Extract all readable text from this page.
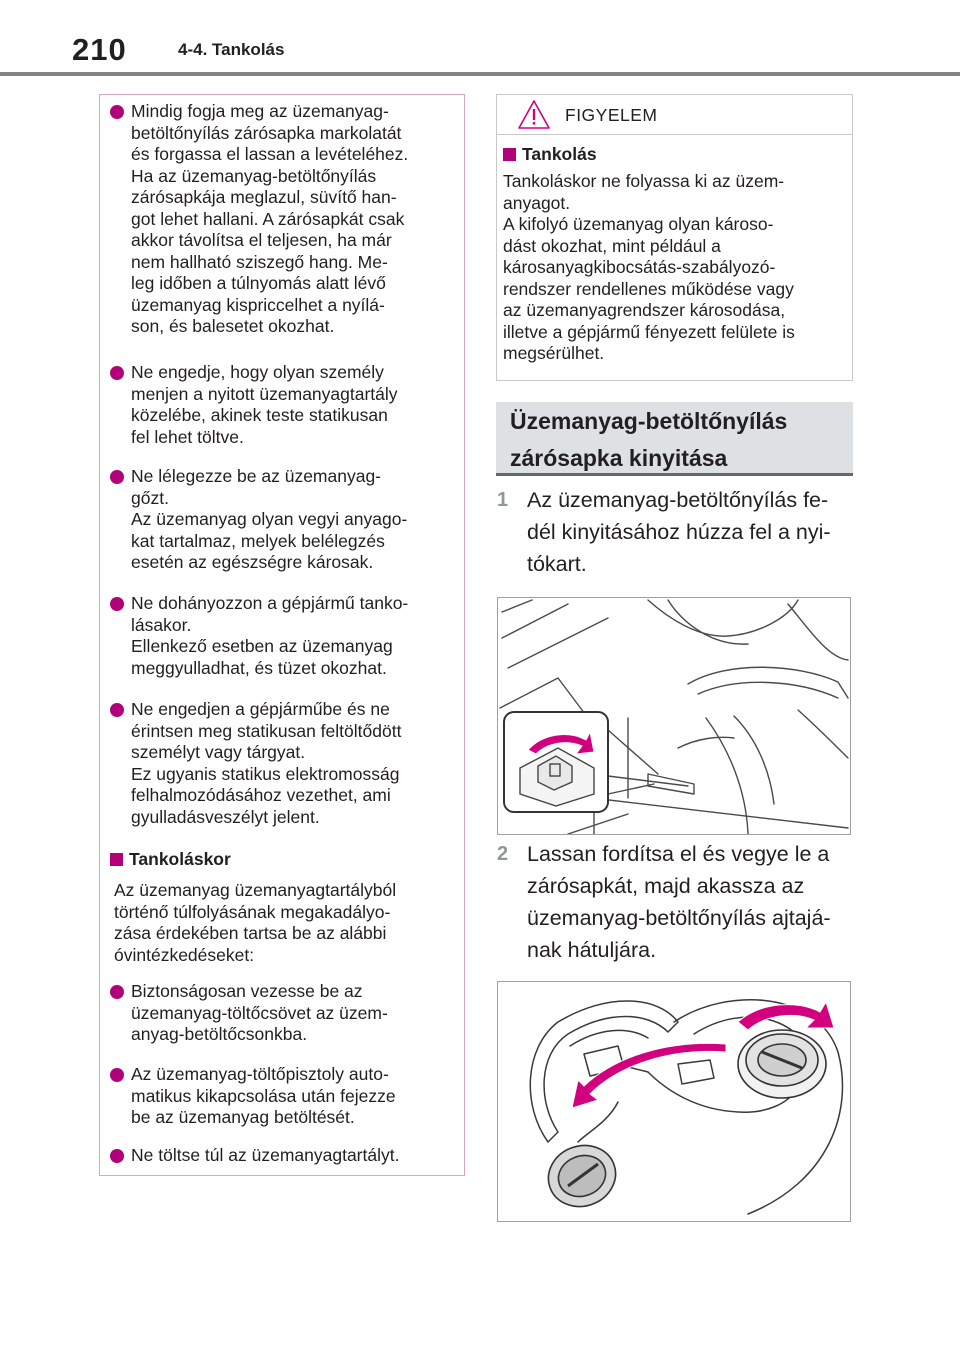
210	4-4. Tankolás
Mindig fogja meg az üzemanyag-
betöltőnyílás zárósapka markolatát
és forgassa el lassan a levételéhez.
Ha az üzemanyag-betöltőnyílás
zárósapkája meglazul, süvítő han-
got lehet hallani. A zárósapkát csak
akkor távolítsa el teljesen, ha már
nem hallható sziszegő hang. Me-
leg időben a túlnyomás alatt lévő
üzemanyag kispriccelhet a nyílá-
son, és balesetet okozhat.
Ne engedje, hogy olyan személy
menjen a nyitott üzemanyagtartály
közelébe, akinek teste statikusan
fel lehet töltve.
Ne lélegezze be az üzemanyag-
gőzt.
Az üzemanyag olyan vegyi anyago-
kat tartalmaz, melyek belélegzés
esetén az egészségre károsak.
Ne dohányozzon a gépjármű tanko-
lásakor.
Ellenkező esetben az üzemanyag
meggyulladhat, és tüzet okozhat.
Ne engedjen a gépjárműbe és ne
érintsen meg statikusan feltöltődött
személyt vagy tárgyat.
Ez ugyanis statikus elektromosság
felhalmozódásához vezethet, ami
gyulladásveszélyt jelent.
Tankoláskor
Az üzemanyag üzemanyagtartályból
történő túlfolyásának megakadályo-
zása érdekében tartsa be az alábbi
óvintézkedéseket:
Biztonságosan vezesse be az
üzemanyag-töltőcsövet az üzem-
anyag-betöltőcsonkba.
Az üzemanyag-töltőpisztoly auto-
matikus kikapcsolása után fejezze
be az üzemanyag betöltését.
Ne töltse túl az üzemanyagtartályt.
FIGYELEM
Tankolás
Tankoláskor ne folyassa ki az üzem-
anyagot.
A kifolyó üzemanyag olyan károso-
dást okozhat, mint például a
károsanyagkibocsátás-szabályozó-
rendszer rendellenes működése vagy
az üzemanyagrendszer károsodása,
illetve a gépjármű fényezett felülete is
megsérülhet.
Üzemanyag-betöltőnyílás
zárósapka kinyitása
1 Az üzemanyag-betöltőnyílás fe-
dél kinyitásához húzza fel a nyi-
tókart.
2 Lassan fordítsa el és vegye le a
zárósapkát, majd akassza az
üzemanyag-betöltőnyílás ajtajá-
nak hátuljára.
